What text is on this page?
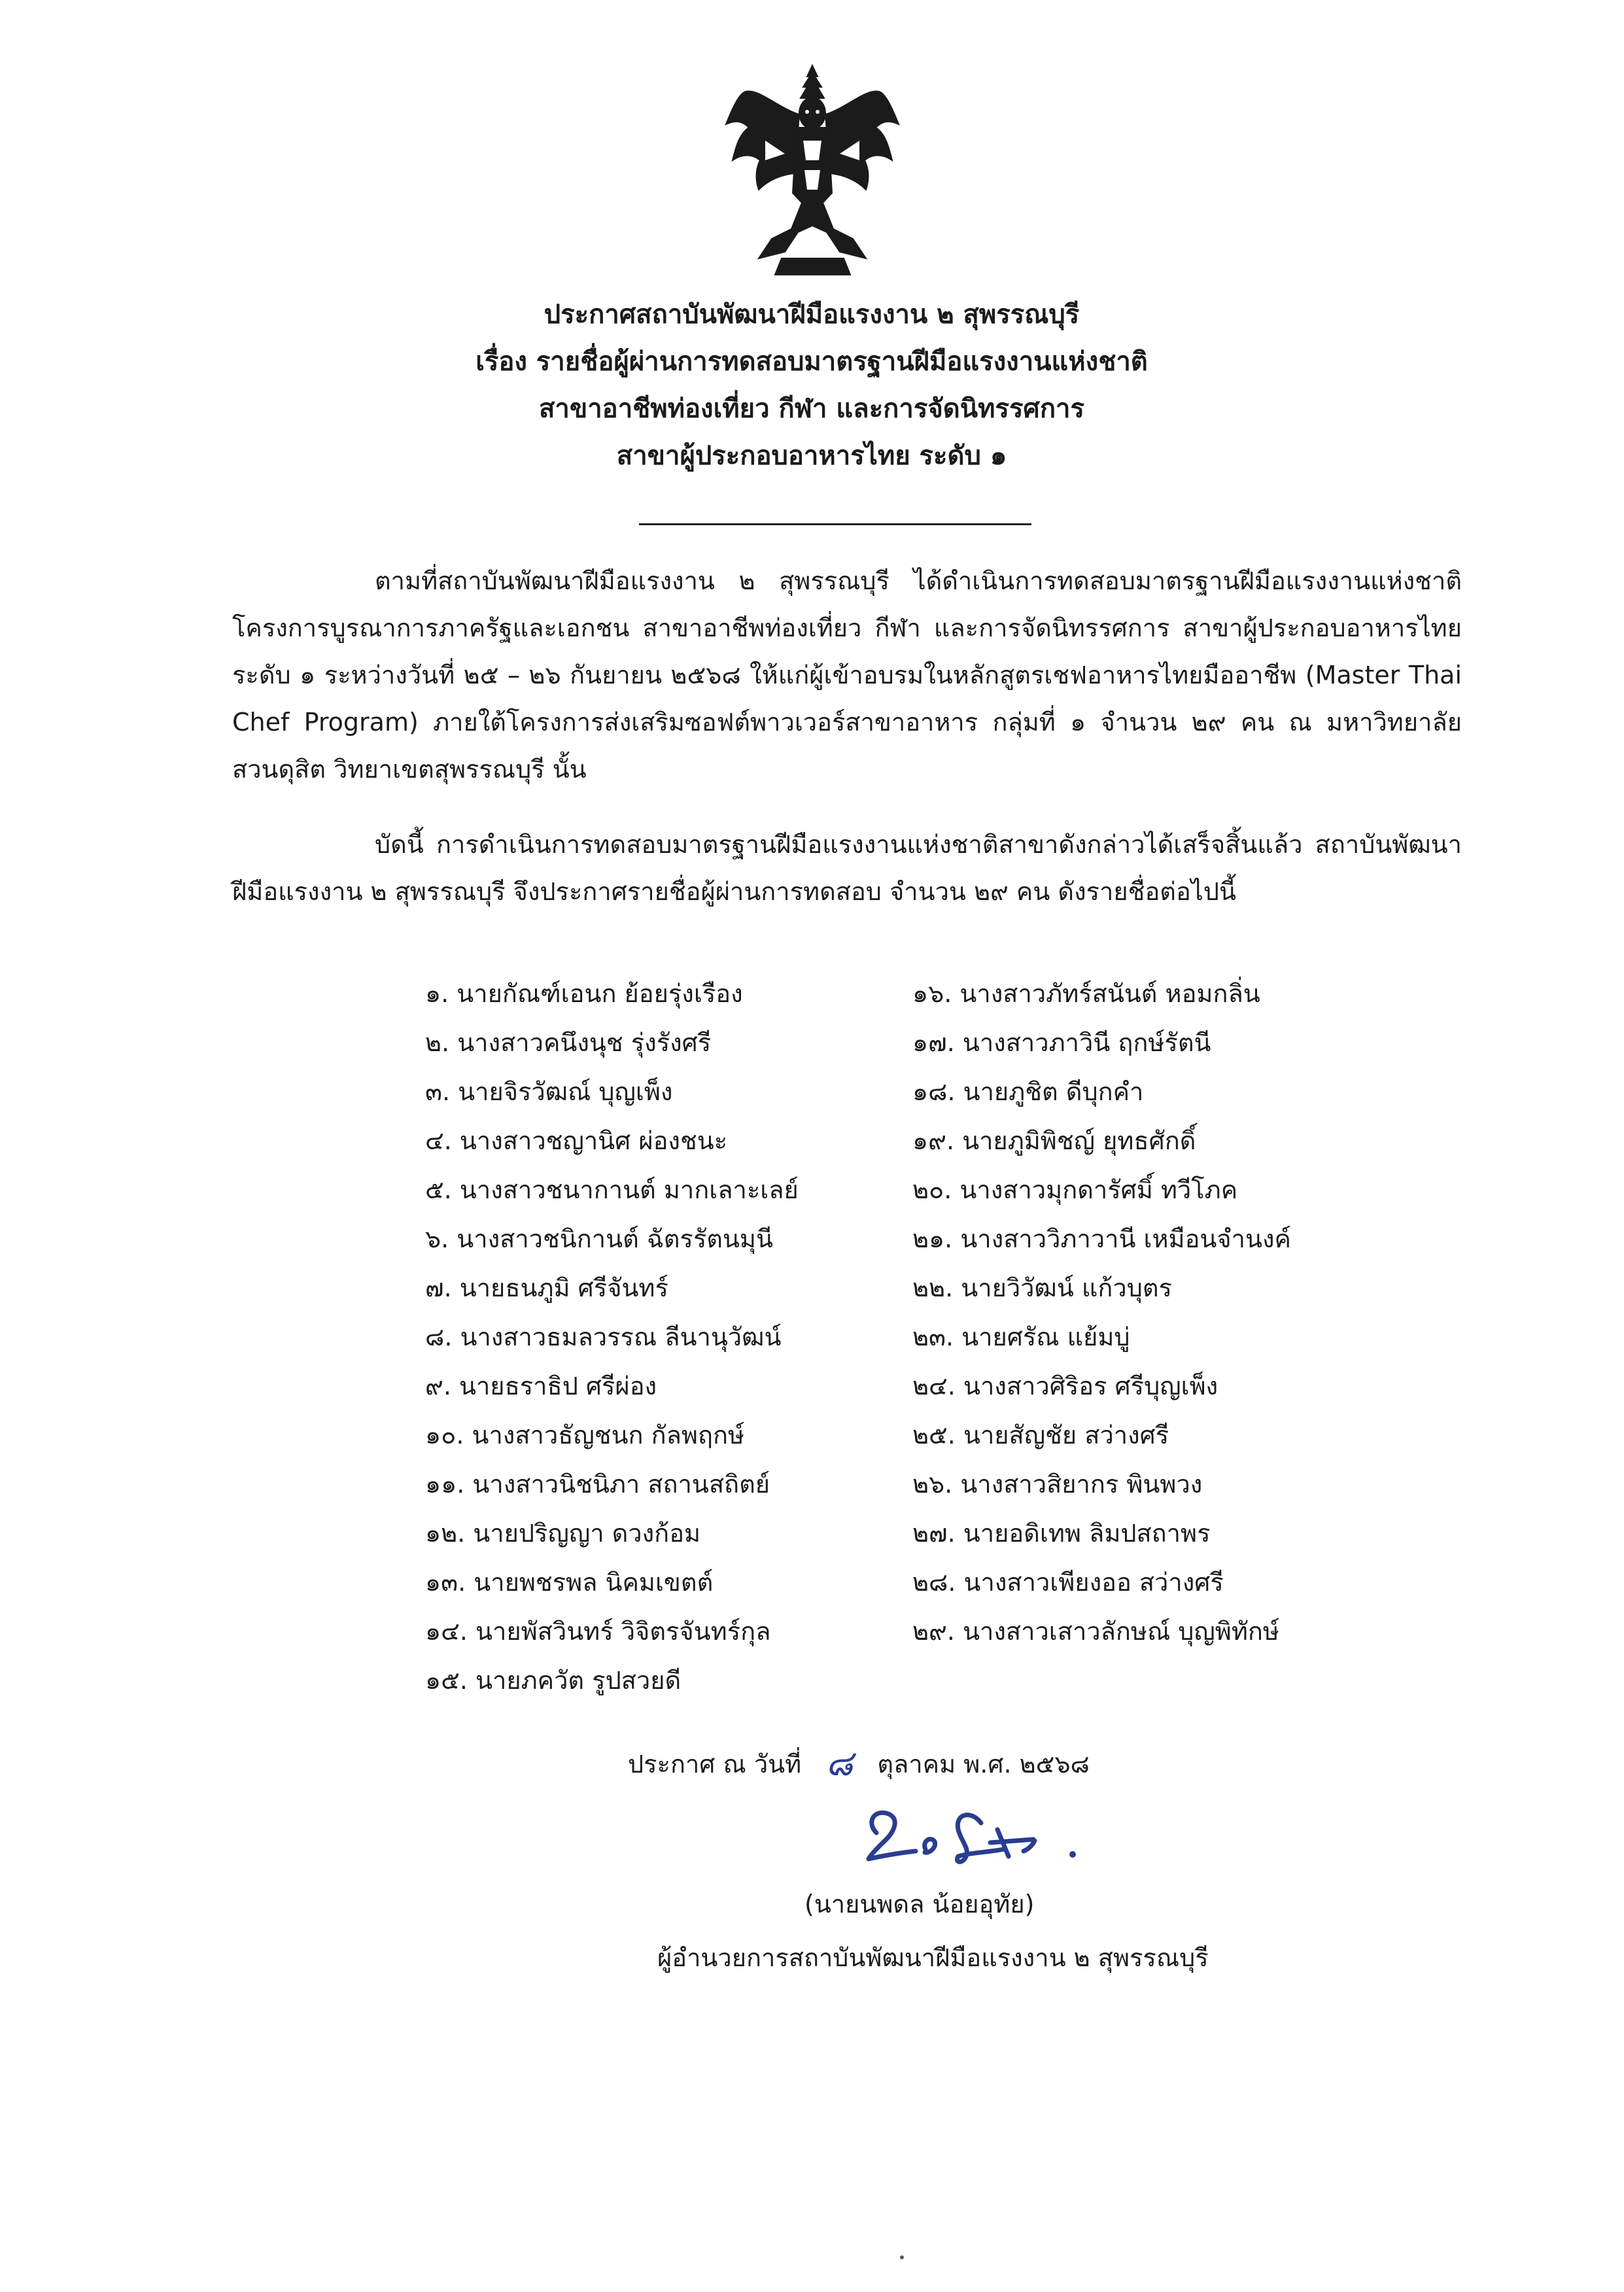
ประกาศสถาบันพัฒนาฝีมือแรงงาน ๒ สุพรรณบุรี
เรื่อง รายชื่อผู้ผ่านการทดสอบมาตรฐานฝีมือแรงงานแห่งชาติ
สาขาอาชีพท่องเที่ยว กีฬา และการจัดนิทรรศการ
สาขาผู้ประกอบอาหารไทย ระดับ ๑
ตามที่สถาบันพัฒนาฝีมือแรงงาน ๒ สุพรรณบุรี ได้ดำเนินการทดสอบมาตรฐานฝีมือแรงงานแห่งชาติ โครงการบูรณาการภาครัฐและเอกชน สาขาอาชีพท่องเที่ยว กีฬา และการจัดนิทรรศการ สาขาผู้ประกอบอาหารไทย ระดับ ๑ ระหว่างวันที่ ๒๕ – ๒๖ กันยายน ๒๕๖๘ ให้แก่ผู้เข้าอบรมในหลักสูตรเชฟอาหารไทยมืออาชีพ (Master Thai Chef Program) ภายใต้โครงการส่งเสริมซอฟต์พาวเวอร์สาขาอาหาร กลุ่มที่ ๑ จำนวน ๒๙ คน ณ มหาวิทยาลัยสวนดุสิต วิทยาเขตสุพรรณบุรี นั้น
บัดนี้ การดำเนินการทดสอบมาตรฐานฝีมือแรงงานแห่งชาติสาขาดังกล่าวได้เสร็จสิ้นแล้ว สถาบันพัฒนาฝีมือแรงงาน ๒ สุพรรณบุรี จึงประกาศรายชื่อผู้ผ่านการทดสอบ จำนวน ๒๙ คน ดังรายชื่อต่อไปนี้
๑. นายกัณฑ์เอนก ย้อยรุ่งเรือง
๒. นางสาวคนึงนุช รุ่งรังศรี
๓. นายจิรวัฒณ์ บุญเพ็ง
๔. นางสาวชญานิศ ผ่องชนะ
๕. นางสาวชนากานต์ มากเลาะเลย์
๖. นางสาวชนิกานต์ ฉัตรรัตนมุนี
๗. นายธนภูมิ ศรีจันทร์
๘. นางสาวธมลวรรณ ลีนานุวัฒน์
๙. นายธราธิป ศรีผ่อง
๑๐. นางสาวธัญชนก กัลพฤกษ์
๑๑. นางสาวนิชนิภา สถานสถิตย์
๑๒. นายปริญญา ดวงก้อม
๑๓. นายพชรพล นิคมเขตต์
๑๔. นายพัสวินทร์ วิจิตรจันทร์กุล
๑๕. นายภควัต รูปสวยดี
๑๖. นางสาวภัทร์สนันต์ หอมกลิ่น
๑๗. นางสาวภาวินี ฤกษ์รัตนี
๑๘. นายภูชิต ดีบุกคำ
๑๙. นายภูมิพิชญ์ ยุทธศักดิ์
๒๐. นางสาวมุกดารัศมิ์ ทวีโภค
๒๑. นางสาววิภาวานี เหมือนจำนงค์
๒๒. นายวิวัฒน์ แก้วบุตร
๒๓. นายศรัณ แย้มบู่
๒๔. นางสาวศิริอร ศรีบุญเพ็ง
๒๕. นายสัญชัย สว่างศรี
๒๖. นางสาวสิยากร พินพวง
๒๗. นายอดิเทพ ลิมปสถาพร
๒๘. นางสาวเพียงออ สว่างศรี
๒๙. นางสาวเสาวลักษณ์ บุญพิทักษ์
ประกาศ ณ วันที่ ๘ ตุลาคม พ.ศ. ๒๕๖๘
(นายนพดล น้อยอุทัย)
ผู้อำนวยการสถาบันพัฒนาฝีมือแรงงาน ๒ สุพรรณบุรี
